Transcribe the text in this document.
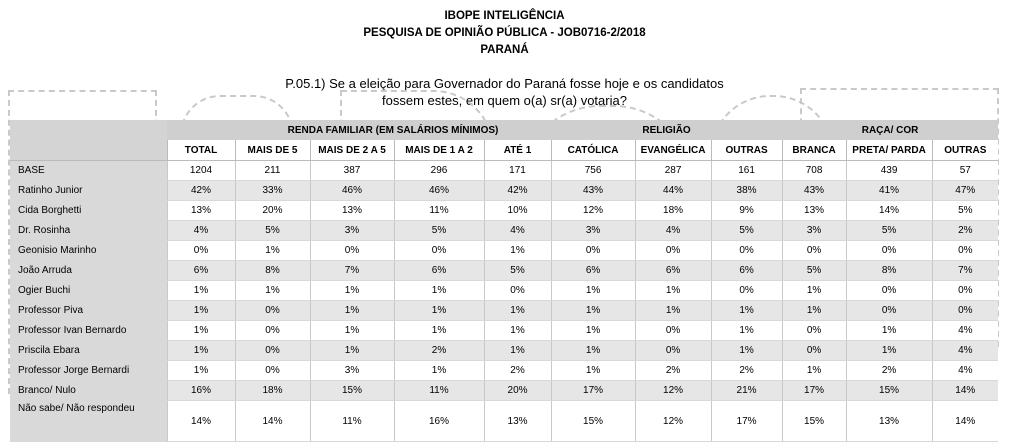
IBOPE INTELIGÊNCIA
PESQUISA DE OPINIÃO PÚBLICA - JOB0716-2/2018
PARANÁ
P.05.1) Se a eleição para Governador do Paraná fosse hoje e os candidatos
fossem estes, em quem o(a) sr(a) votaria?
		RENDA FAMILIAR (EM SALÁRIOS MÍNIMOS)				RELIGIÃO			RAÇA/ COR		
	TOTAL	MAIS DE 5	MAIS DE 2 A 5	MAIS DE 1 A 2	ATÉ 1	CATÓLICA	EVANGÉLICA	OUTRAS	BRANCA	PRETA/ PARDA	OUTRAS
BASE	1204	211	387	296	171	756	287	161	708	439	57
Ratinho Junior	42%	33%	46%	46%	42%	43%	44%	38%	43%	41%	47%
Cida Borghetti	13%	20%	13%	11%	10%	12%	18%	9%	13%	14%	5%
Dr. Rosinha	4%	5%	3%	5%	4%	3%	4%	5%	3%	5%	2%
Geonisio Marinho	0%	1%	0%	0%	1%	0%	0%	0%	0%	0%	0%
João Arruda	6%	8%	7%	6%	5%	6%	6%	6%	5%	8%	7%
Ogier Buchi	1%	1%	1%	1%	0%	1%	1%	0%	1%	0%	0%
Professor Piva	1%	0%	1%	1%	1%	1%	1%	1%	1%	0%	0%
Professor Ivan Bernardo	1%	0%	1%	1%	1%	1%	0%	1%	0%	1%	4%
Priscila Ebara	1%	0%	1%	2%	1%	1%	0%	1%	0%	1%	4%
Professor Jorge Bernardi	1%	0%	3%	1%	2%	1%	2%	2%	1%	2%	4%
Branco/ Nulo	16%	18%	15%	11%	20%	17%	12%	21%	17%	15%	14%
Não sabe/ Não respondeu	14%	14%	11%	16%	13%	15%	12%	17%	15%	13%	14%
